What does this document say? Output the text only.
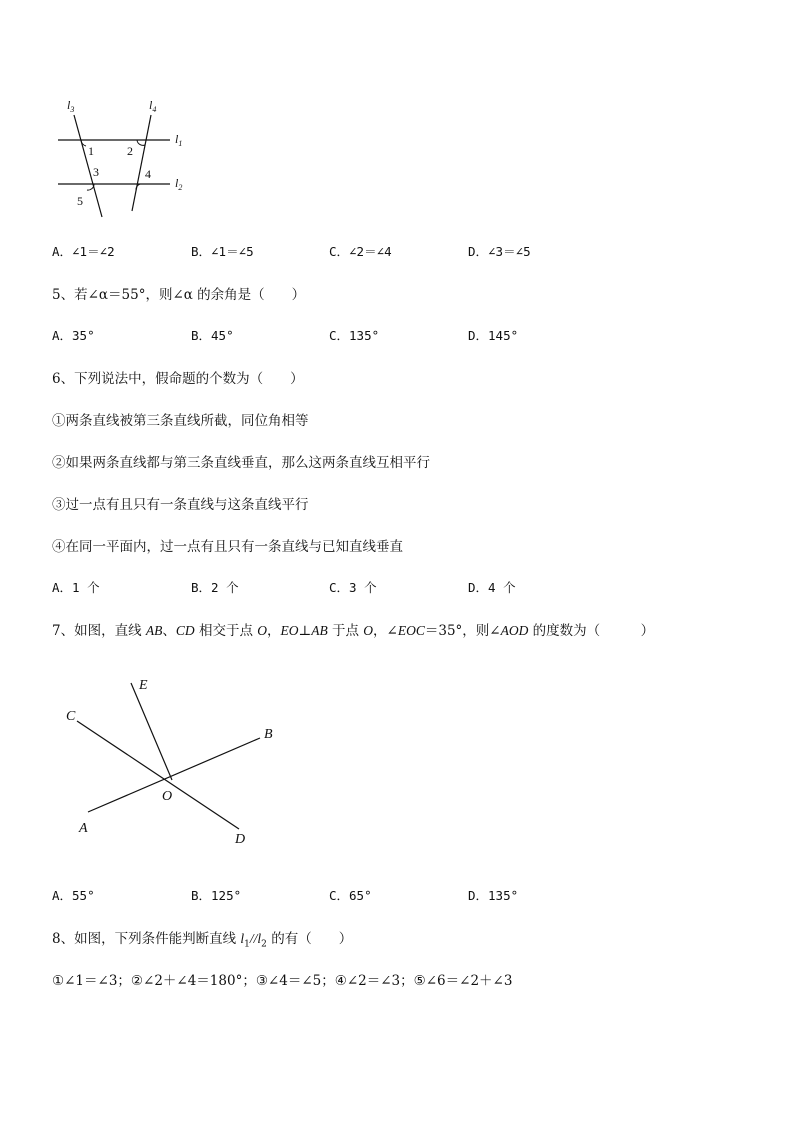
$l_3$	$l_4$
$l_1$
$l_2$
1	2
3	4
5
A．∠1＝∠2	B．∠1＝∠5	C．∠2＝∠4	D．∠3＝∠5
5、若∠α＝55°，则∠α 的余角是（　　）
A．35°	B．45°	C．135°	D．145°
6、下列说法中，假命题的个数为（　　）
①两条直线被第三条直线所截，同位角相等
②如果两条直线都与第三条直线垂直，那么这两条直线互相平行
③过一点有且只有一条直线与这条直线平行
④在同一平面内，过一点有且只有一条直线与已知直线垂直
A．1 个	B．2 个	C．3 个	D．4 个
7、如图，直线 AB、CD 相交于点 O，EO⊥AB 于点 O，∠EOC＝35°，则∠AOD 的度数为（　　　）
E
C
B
O
A
D
A．55°	B．125°	C．65°	D．135°
8、如图，下列条件能判断直线 $l_1//l_2$ 的有（　　）
①∠1＝∠3；②∠2＋∠4＝180°；③∠4＝∠5；④∠2＝∠3；⑤∠6＝∠2＋∠3
